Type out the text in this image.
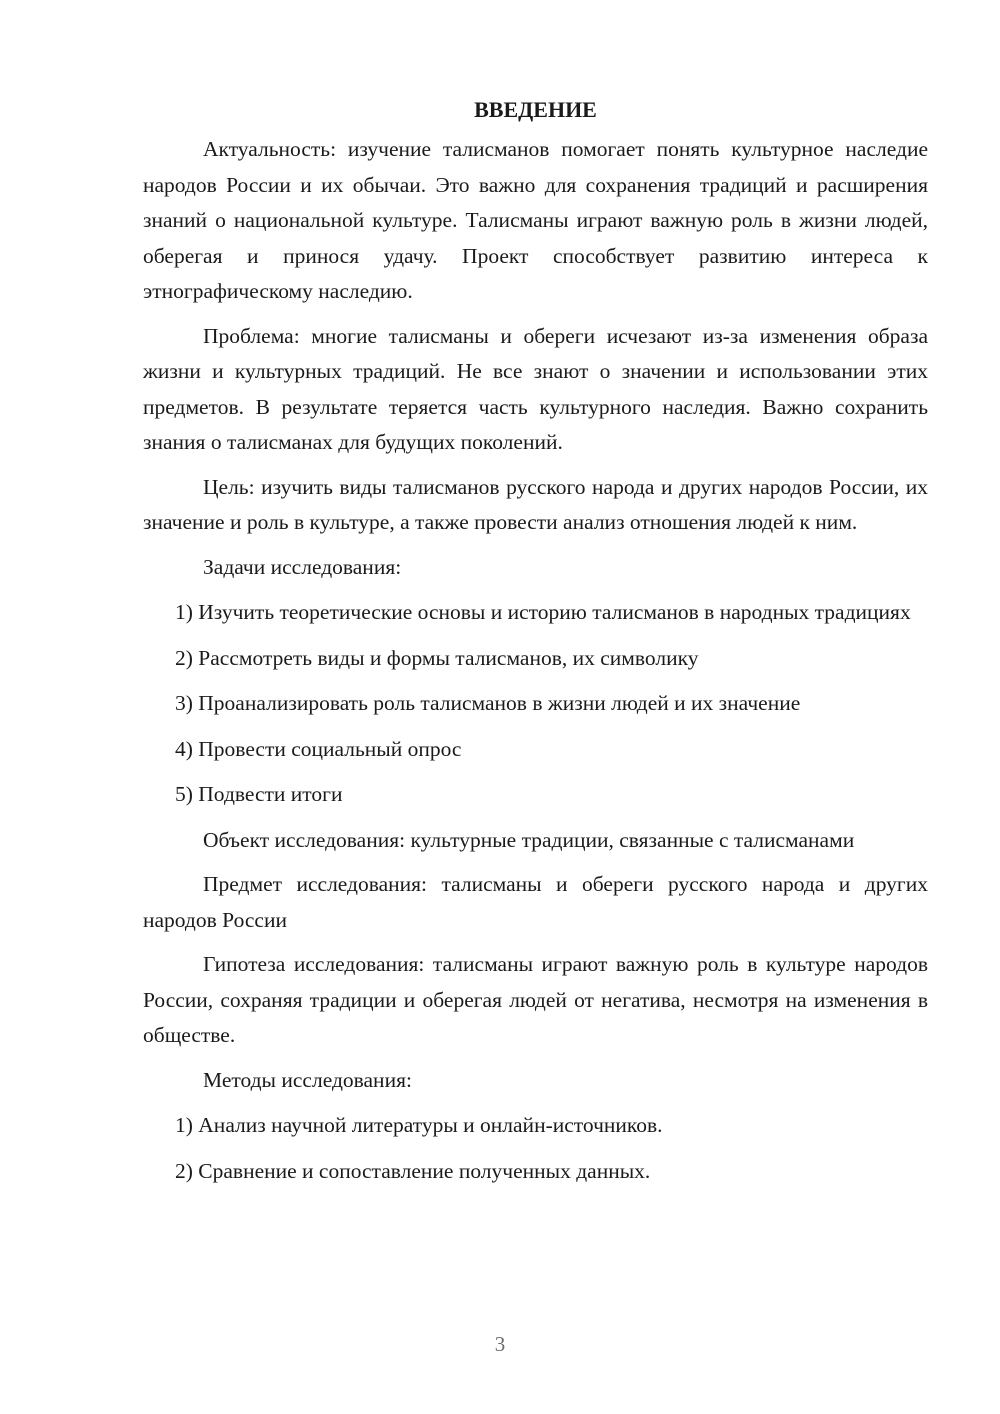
ВВЕДЕНИЕ

Актуальность: изучение талисманов помогает понять культурное наследие народов России и их обычаи. Это важно для сохранения традиций и расширения знаний о национальной культуре. Талисманы играют важную роль в жизни людей, оберегая и принося удачу. Проект способствует развитию интереса к этнографическому наследию.

Проблема: многие талисманы и обереги исчезают из-за изменения образа жизни и культурных традиций. Не все знают о значении и использовании этих предметов. В результате теряется часть культурного наследия. Важно сохранить знания о талисманах для будущих поколений.

Цель: изучить виды талисманов русского народа и других народов России, их значение и роль в культуре, а также провести анализ отношения людей к ним.

Задачи исследования:

1) Изучить теоретические основы и историю талисманов в народных традициях

2) Рассмотреть виды и формы талисманов, их символику

3) Проанализировать роль талисманов в жизни людей и их значение

4) Провести социальный опрос

5) Подвести итоги

Объект исследования: культурные традиции, связанные с талисманами

Предмет исследования: талисманы и обереги русского народа и других народов России

Гипотеза исследования: талисманы играют важную роль в культуре народов России, сохраняя традиции и оберегая людей от негатива, несмотря на изменения в обществе.

Методы исследования:

1) Анализ научной литературы и онлайн-источников.

2) Сравнение и сопоставление полученных данных.

3
